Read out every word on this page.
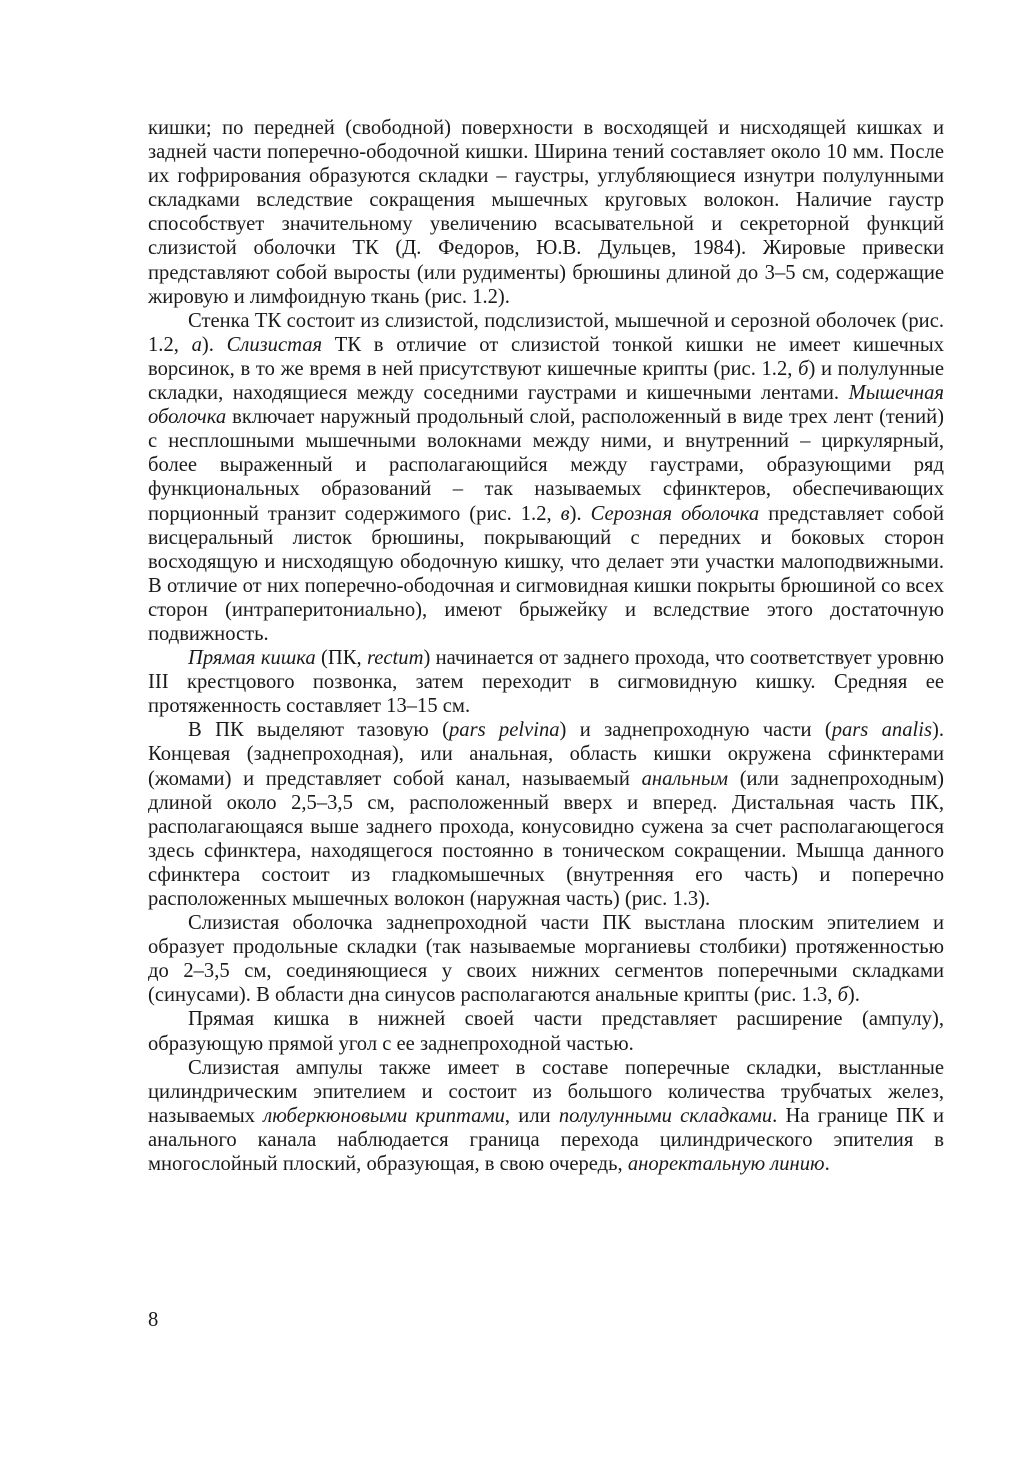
кишки; по передней (свободной) поверхности в восходящей и нисходящей кишках и задней части поперечно-ободочной кишки. Ширина тений составляет около 10 мм. После их гофрирования образуются складки – гаустры, углубляющиеся изнутри полулунными складками вследствие сокращения мышечных круговых волокон. Наличие гаустр способствует значительному увеличению всасывательной и секреторной функций слизистой оболочки ТК (Д. Федоров, Ю.В. Дульцев, 1984). Жировые привески представляют собой выросты (или рудименты) брюшины длиной до 3–5 см, содержащие жировую и лимфоидную ткань (рис. 1.2).

Стенка ТК состоит из слизистой, подслизистой, мышечной и серозной оболочек (рис. 1.2, а). Слизистая ТК в отличие от слизистой тонкой кишки не имеет кишечных ворсинок, в то же время в ней присутствуют кишечные крипты (рис. 1.2, б) и полулунные складки, находящиеся между соседними гаустрами и кишечными лентами. Мышечная оболочка включает наружный продольный слой, расположенный в виде трех лент (тений) с несплошными мышечными волокнами между ними, и внутренний – циркулярный, более выраженный и располагающийся между гаустрами, образующими ряд функциональных образований – так называемых сфинктеров, обеспечивающих порционный транзит содержимого (рис. 1.2, в). Серозная оболочка представляет собой висцеральный листок брюшины, покрывающий с передних и боковых сторон восходящую и нисходящую ободочную кишку, что делает эти участки малоподвижными. В отличие от них поперечно-ободочная и сигмовидная кишки покрыты брюшиной со всех сторон (интраперитониально), имеют брыжейку и вследствие этого достаточную подвижность.

Прямая кишка (ПК, rectum) начинается от заднего прохода, что соответствует уровню III крестцового позвонка, затем переходит в сигмовидную кишку. Средняя ее протяженность составляет 13–15 см.

В ПК выделяют тазовую (pars pelvina) и заднепроходную части (pars analis). Концевая (заднепроходная), или анальная, область кишки окружена сфинктерами (жомами) и представляет собой канал, называемый анальным (или заднепроходным) длиной около 2,5–3,5 см, расположенный вверх и вперед. Дистальная часть ПК, располагающаяся выше заднего прохода, конусовидно сужена за счет располагающегося здесь сфинктера, находящегося постоянно в тоническом сокращении. Мышца данного сфинктера состоит из гладкомышечных (внутренняя его часть) и поперечно расположенных мышечных волокон (наружная часть) (рис. 1.3).

Слизистая оболочка заднепроходной части ПК выстлана плоским эпителием и образует продольные складки (так называемые морганиевы столбики) протяженностью до 2–3,5 см, соединяющиеся у своих нижних сегментов поперечными складками (синусами). В области дна синусов располагаются анальные крипты (рис. 1.3, б).

Прямая кишка в нижней своей части представляет расширение (ампулу), образующую прямой угол с ее заднепроходной частью.

Слизистая ампулы также имеет в составе поперечные складки, выстланные цилиндрическим эпителием и состоит из большого количества трубчатых желез, называемых люберкюновыми криптами, или полулунными складками. На границе ПК и анального канала наблюдается граница перехода цилиндрического эпителия в многослойный плоский, образующая, в свою очередь, аноректальную линию.

8
